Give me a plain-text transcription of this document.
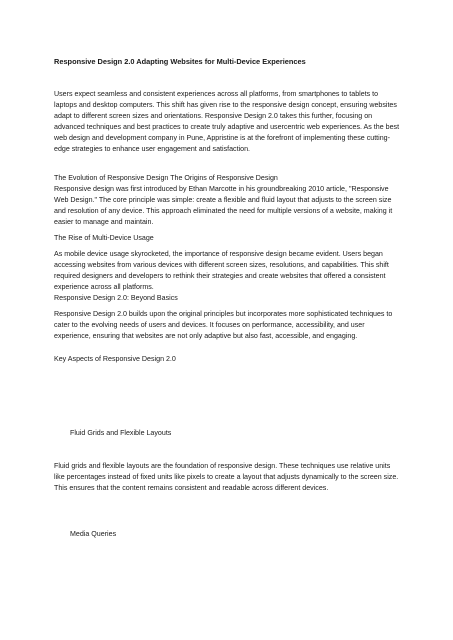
Responsive Design 2.0 Adapting Websites for Multi-Device Experiences

Users expect seamless and consistent experiences across all platforms, from smartphones to tablets to laptops and desktop computers. This shift has given rise to the responsive design concept, ensuring websites adapt to different screen sizes and orientations. Responsive Design 2.0 takes this further, focusing on advanced techniques and best practices to create truly adaptive and usercentric web experiences. As the best web design and development company in Pune, Appristine is at the forefront of implementing these cutting-edge strategies to enhance user engagement and satisfaction.

The Evolution of Responsive Design The Origins of Responsive Design

Responsive design was first introduced by Ethan Marcotte in his groundbreaking 2010 article, "Responsive Web Design." The core principle was simple: create a flexible and fluid layout that adjusts to the screen size and resolution of any device. This approach eliminated the need for multiple versions of a website, making it easier to manage and maintain.

The Rise of Multi-Device Usage

As mobile device usage skyrocketed, the importance of responsive design became evident. Users began accessing websites from various devices with different screen sizes, resolutions, and capabilities. This shift required designers and developers to rethink their strategies and create websites that offered a consistent experience across all platforms.

Responsive Design 2.0: Beyond Basics

Responsive Design 2.0 builds upon the original principles but incorporates more sophisticated techniques to cater to the evolving needs of users and devices. It focuses on performance, accessibility, and user experience, ensuring that websites are not only adaptive but also fast, accessible, and engaging.

Key Aspects of Responsive Design 2.0
Fluid Grids and Flexible Layouts

Fluid grids and flexible layouts are the foundation of responsive design. These techniques use relative units like percentages instead of fixed units like pixels to create a layout that adjusts dynamically to the screen size. This ensures that the content remains consistent and readable across different devices.

Media Queries
